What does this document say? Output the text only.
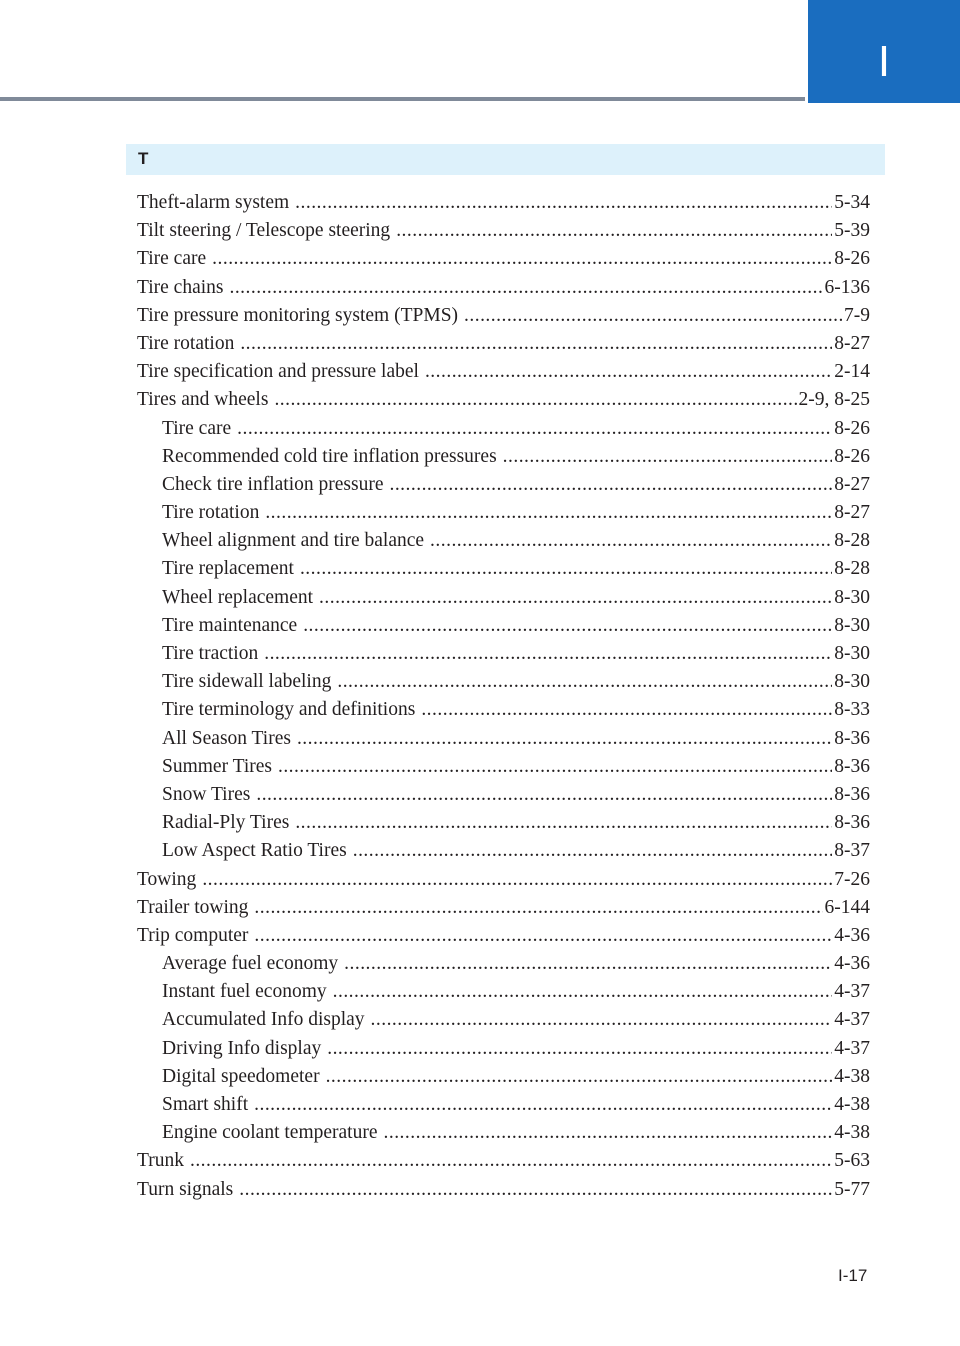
I
T
Theft-alarm system . . .	5-34
Tilt steering / Telescope steering . . .	5-39
Tire care . . .	8-26
Tire chains . . .	6-136
Tire pressure monitoring system (TPMS) . . .	7-9
Tire rotation . . .	8-27
Tire specification and pressure label . . .	2-14
Tires and wheels . . .	2-9, 8-25
Tire care . . .	8-26
Recommended cold tire inflation pressures . . .	8-26
Check tire inflation pressure . . .	8-27
Tire rotation . . .	8-27
Wheel alignment and tire balance . . .	8-28
Tire replacement . . .	8-28
Wheel replacement . . .	8-30
Tire maintenance . . .	8-30
Tire traction . . .	8-30
Tire sidewall labeling . . .	8-30
Tire terminology and definitions . . .	8-33
All Season Tires . . .	8-36
Summer Tires . . .	8-36
Snow Tires . . .	8-36
Radial-Ply Tires . . .	8-36
Low Aspect Ratio Tires . . .	8-37
Towing . . .	7-26
Trailer towing . . .	6-144
Trip computer . . .	4-36
Average fuel economy . . .	4-36
Instant fuel economy . . .	4-37
Accumulated Info display . . .	4-37
Driving Info display . . .	4-37
Digital speedometer . . .	4-38
Smart shift . . .	4-38
Engine coolant temperature . . .	4-38
Trunk . . .	5-63
Turn signals . . .	5-77
I-17
